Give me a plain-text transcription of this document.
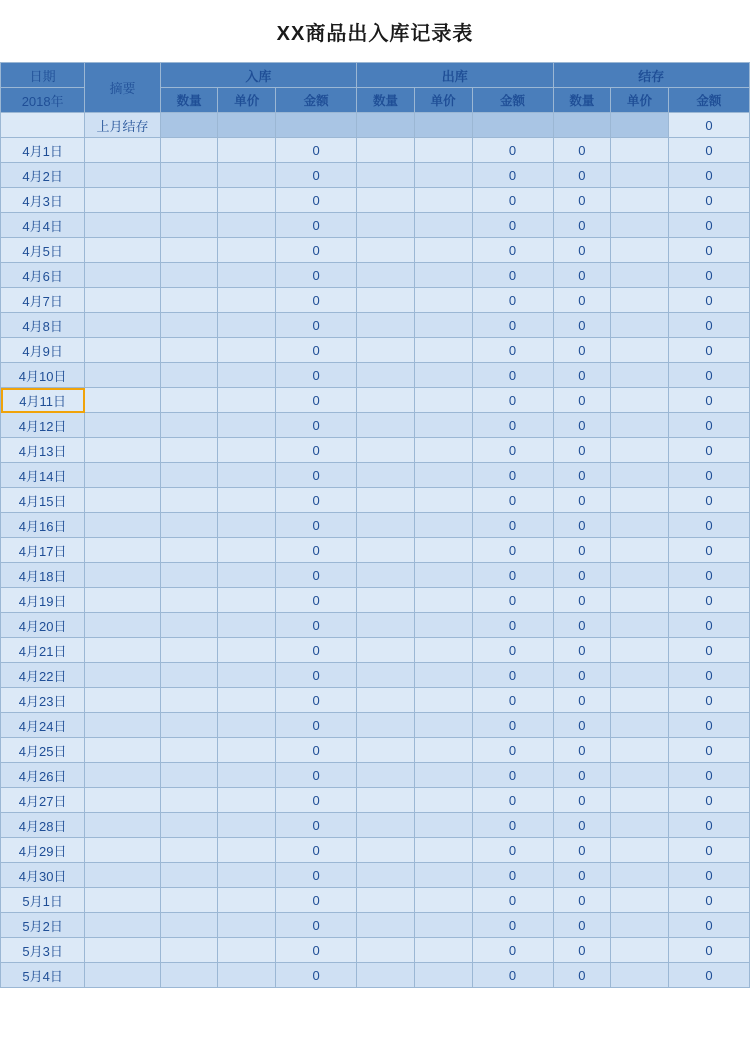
XX商品出入库记录表
日期	摘要	入库			出库			结存		
2018年		数量	单价	金额	数量	单价	金额	数量	单价	金额
	上月结存									0
4月1日				0			0	0		0
4月2日				0			0	0		0
4月3日				0			0	0		0
4月4日				0			0	0		0
4月5日				0			0	0		0
4月6日				0			0	0		0
4月7日				0			0	0		0
4月8日				0			0	0		0
4月9日				0			0	0		0
4月10日				0			0	0		0
4月11日				0			0	0		0
4月12日				0			0	0		0
4月13日				0			0	0		0
4月14日				0			0	0		0
4月15日				0			0	0		0
4月16日				0			0	0		0
4月17日				0			0	0		0
4月18日				0			0	0		0
4月19日				0			0	0		0
4月20日				0			0	0		0
4月21日				0			0	0		0
4月22日				0			0	0		0
4月23日				0			0	0		0
4月24日				0			0	0		0
4月25日				0			0	0		0
4月26日				0			0	0		0
4月27日				0			0	0		0
4月28日				0			0	0		0
4月29日				0			0	0		0
4月30日				0			0	0		0
5月1日				0			0	0		0
5月2日				0			0	0		0
5月3日				0			0	0		0
5月4日				0			0	0		0
